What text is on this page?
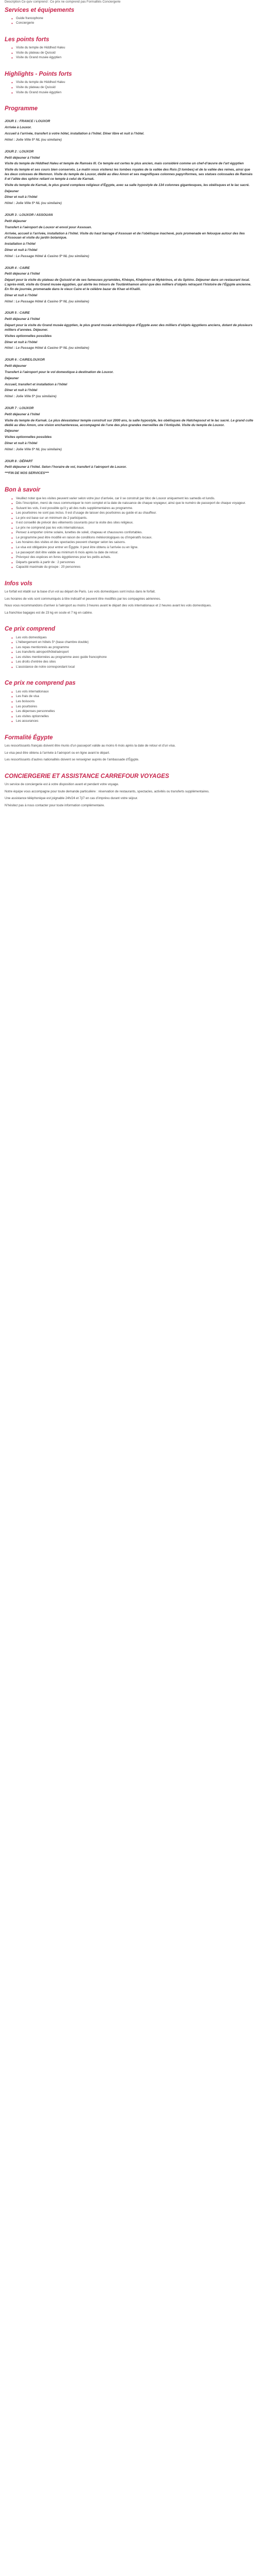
Description Ce quiv comprend : Ce prix ne comprend pas Formalités Conciergerie

Services et équipements
• Guide francophone
• Conciergerie
Les points forts
• Visite du temple de Hiddhed Haleu
• Visite du plateau de Quissid
• Visite du Grand musée égyptien
Highlights - Points forts
• Visite du temple de Hiddhed Haleu
• Visite du plateau de Quissid
• Visite du Grand musée égyptien
Programme

JOUR 1 : FRANCE / LOUXOR

Arrivée à Louxor.

Accueil à l’arrivée, transfert à votre hôtel, installation à l’hôtel. Dîner libre et nuit à l’hôtel.

Hôtel : Jolie Ville 5* NL (ou similaire)

JOUR 2 : LOUXOR

Petit déjeuner à l’hôtel

Visite du temple de Hiddhed Haleu et temple de Ramsès III. Ce temple est certes le plus ancien, mais considéré comme un chef-d’œuvre de l'art égyptien

Visite du temple et ses cours bien conservés. Le matin vous visiterez les tombes royales de la vallée des Rois (3 tombes) et de la vallée des reines, ainsi que les deux colosses de Memnon. Visite du temple de Louxor, dédié au dieu Amon et ses magnifiques colonnes papyriformes, ses statues colossales de Ramsès II et l’allée des sphinx reliant ce temple à celui de Karnak.

Visite du temple de Karnak, le plus grand complexe religieux d’Égypte, avec sa salle hypostyle de 134 colonnes gigantesques, les obélisques et le lac sacré.

Déjeuner

Dîner et nuit à l’hôtel

Hôtel : Jolie Ville 5* NL (ou similaire)

JOUR 3 : LOUXOR / ASSOUAN

Petit déjeuner

Transfert à l’aéroport de Louxor et envol pour Assouan.

Arrivée, accueil à l’arrivée, installation à l’hôtel. Visite du haut barrage d’Assouan et de l’obélisque inachevé, puis promenade en felouque autour des îles d’Assouan et visite du jardin botanique.

Installation à l’hôtel

Dîner et nuit à l’hôtel

Hôtel : Le Passage Hôtel & Casino 5* NL (ou similaire)

JOUR 4 : CAIRE

Petit déjeuner à l’hôtel

Départ pour la visite du plateau de Quissid et de ses fameuses pyramides, Khéops, Khéphren et Mykérinos, et du Sphinx. Déjeuner dans un restaurant local. L’après-midi, visite du Grand musée égyptien, qui abrite les trésors de Toutânkhamon ainsi que des milliers d’objets retraçant l’histoire de l’Égypte ancienne. En fin de journée, promenade dans le vieux Caire et le célèbre bazar de Khan el-Khalili.

Dîner et nuit à l’hôtel

Hôtel : Le Passage Hôtel & Casino 5* NL (ou similaire)

JOUR 5 : CAIRE

Petit déjeuner à l’hôtel

Départ pour la visite du Grand musée égyptien, le plus grand musée archéologique d’Égypte avec des milliers d’objets égyptiens anciens, dotant de plusieurs milliers d’années. Déjeuner.

Visites optionnelles possibles

Dîner et nuit à l’hôtel

Hôtel : Le Passage Hôtel & Casino 5* NL (ou similaire)

JOUR 6 : CAIRE/LOUXOR

Petit déjeuner

Transfert à l’aéroport pour le vol domestique à destination de Louxor.

Déjeuner

Accueil, transfert et installation à l’hôtel

Dîner et nuit à l’hôtel

Hôtel : Jolie Ville 5* (ou similaire)

JOUR 7 : LOUXOR

Petit déjeuner à l’hôtel

Visite du temple de Karnak. Le plus dévastateur temple construit sur 2000 ans, la salle hypostyle, les obélisques de Hatchepsout et le lac sacré. Le grand culte dédié au dieu Amon, une vision enchanteresse, accompagné de l'une des plus grandes merveilles de l'Antiquité. Visite du temple de Louxor.

Déjeuner

Visites optionnelles possibles

Dîner et nuit à l’hôtel

Hôtel : Jolie Ville 5* NL (ou similaire)

JOUR 8 : DÉPART

Petit déjeuner à l’hôtel. Selon l’horaire de vol, transfert à l’aéroport de Louxor.

***FIN DE NOS SERVICES***

Bon à savoir
• Veuillez noter que les visites peuvent varier selon votre jour d’arrivée, car il se construit par bloc de Louxor uniquement les samedis et lundis.
• Dès l’inscription, merci de nous communiquer le nom complet et la date de naissance de chaque voyageur, ainsi que le numéro de passeport de chaque voyageur.
• Suivant les vols, il est possible qu’il y ait des nuits supplémentaires au programme.
• Les pourboires ne sont pas inclus. Il est d’usage de laisser des pourboires au guide et au chauffeur.
• Le prix est base sur un minimum de 2 participants.
• Il est conseillé de prévoir des vêtements couvrants pour la visite des sites religieux.
• Le prix ne comprend pas les vols internationaux.
• Pensez à emporter crème solaire, lunettes de soleil, chapeau et chaussures confortables.
• Le programme peut être modifié en raison de conditions météorologiques ou d’impératifs locaux.
• Les horaires des visites et des spectacles peuvent changer selon les saisons.
• Le visa est obligatoire pour entrer en Égypte. Il peut être obtenu à l’arrivée ou en ligne.
• Le passeport doit être valide au minimum 6 mois après la date de retour.
• Prévoyez des espèces en livres égyptiennes pour les petits achats.
• Départs garantis à partir de : 2 personnes
• Capacité maximale du groupe : 20 personnes
Infos vols

Le forfait est établi sur la base d’un vol au départ de Paris. Les vols domestiques sont inclus dans le forfait.

Les horaires de vols sont communiqués à titre indicatif et peuvent être modifiés par les compagnies aériennes.

Nous vous recommandons d’arriver à l’aéroport au moins 3 heures avant le départ des vols internationaux et 2 heures avant les vols domestiques.

La franchise bagages est de 23 kg en soute et 7 kg en cabine.

Ce prix comprend
• Les vols domestiques
• L’hébergement en hôtels 5* (base chambre double)
• Les repas mentionnés au programme
• Les transferts aéroport/hôtel/aéroport
• Les visites mentionnées au programme avec guide francophone
• Les droits d’entrée des sites
• L’assistance de notre correspondant local
Ce prix ne comprend pas
• Les vols internationaux
• Les frais de visa
• Les boissons
• Les pourboires
• Les dépenses personnelles
• Les visites optionnelles
• Les assurances
Formalité Égypte

Les ressortissants français doivent être munis d’un passeport valide au moins 6 mois après la date de retour et d’un visa.

Le visa peut être obtenu à l’arrivée à l’aéroport ou en ligne avant le départ.

Les ressortissants d’autres nationalités doivent se renseigner auprès de l’ambassade d’Égypte.

CONCIERGERIE ET ASSISTANCE CARREFOUR VOYAGES

Un service de conciergerie est à votre disposition avant et pendant votre voyage.

Notre équipe vous accompagne pour toute demande particulière : réservation de restaurants, spectacles, activités ou transferts supplémentaires.

Une assistance téléphonique est joignable 24h/24 et 7j/7 en cas d’imprévu durant votre séjour.

N’hésitez pas à nous contacter pour toute information complémentaire.
